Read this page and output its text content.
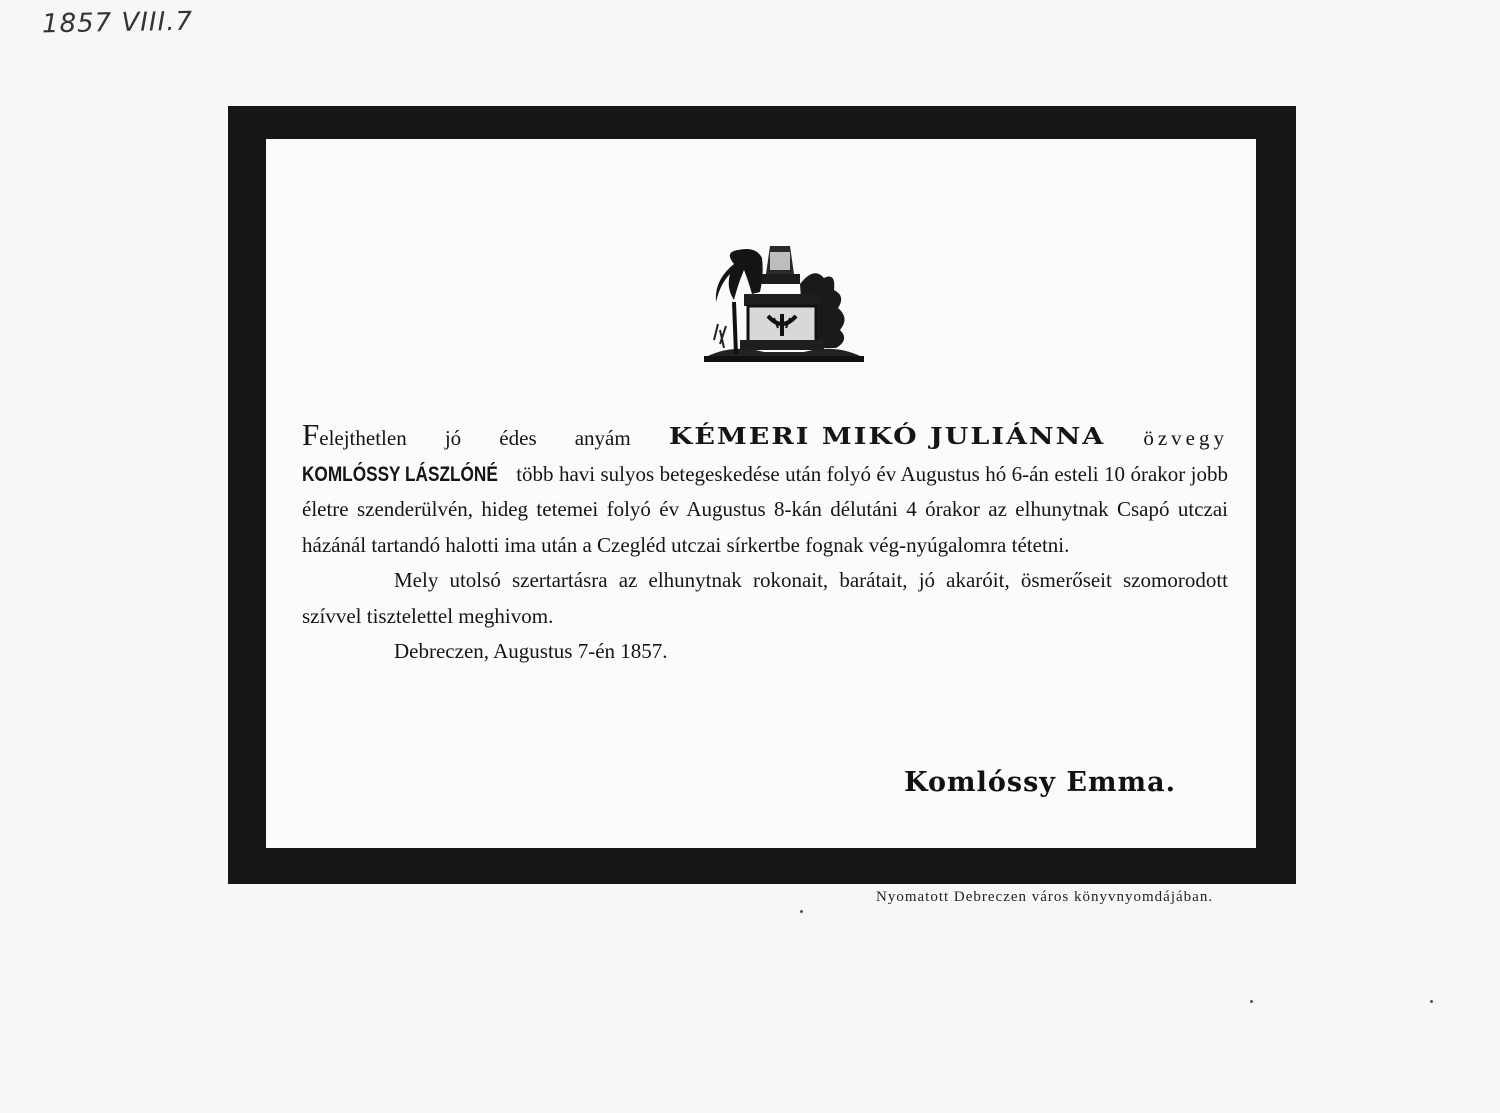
1857 VIII.7

Felejthetlen jó édes anyám KÉMERI MIKÓ JULIÁNNA özvegy KOMLÓSSY LÁSZLÓNÉ több havi sulyos betegeskedése után folyó év Augustus hó 6-án esteli 10 órakor jobb életre szenderülvén, hideg tetemei folyó év Augustus 8-kán délutáni 4 órakor az elhunytnak Csapó utczai házánál tartandó halotti ima után a Czegléd utczai sírkertbe fognak vég-nyúgalomra tétetni.

Mely utolsó szertartásra az elhunytnak rokonait, barátait, jó akaróit, ösmerőseit szomorodott szívvel tisztelettel meghivom.

Debreczen, Augustus 7-én 1857.

Komlóssy Emma.
Nyomatott Debreczen város könyvnyomdájában.
